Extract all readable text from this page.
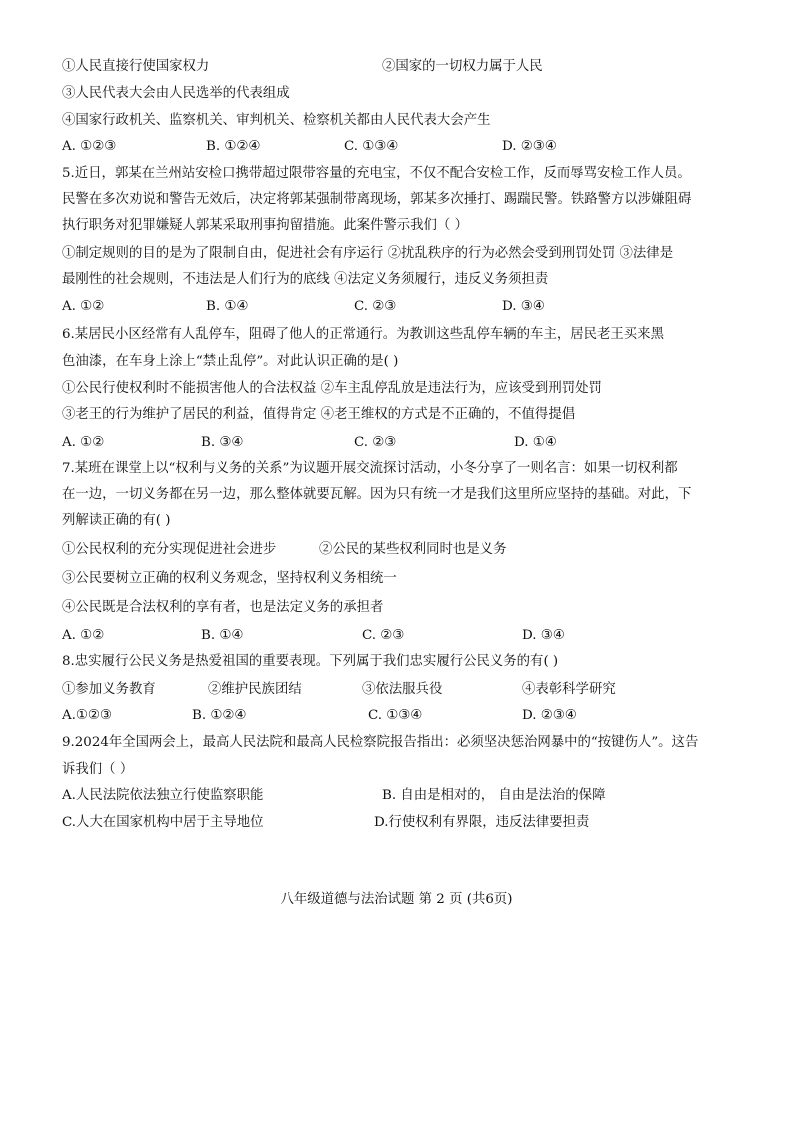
①人民直接行使国家权力	②国家的一切权力属于人民
③人民代表大会由人民选举的代表组成
④国家行政机关、监察机关、审判机关、检察机关都由人民代表大会产生
A. ①②③	B. ①②④	C. ①③④	D. ②③④
5.近日，郭某在兰州站安检口携带超过限带容量的充电宝，不仅不配合安检工作，反而辱骂安检工作人员。
民警在多次劝说和警告无效后，决定将郭某强制带离现场，郭某多次捶打、踢踹民警。铁路警方以涉嫌阻碍
执行职务对犯罪嫌疑人郭某采取刑事拘留措施。此案件警示我们（ ）
①制定规则的目的是为了限制自由，促进社会有序运行 ②扰乱秩序的行为必然会受到刑罚处罚 ③法律是
最刚性的社会规则，不违法是人们行为的底线 ④法定义务须履行，违反义务须担责
A. ①②	B. ①④	C. ②③	D. ③④
6.某居民小区经常有人乱停车，阻碍了他人的正常通行。为教训这些乱停车辆的车主，居民老王买来黑
色油漆，在车身上涂上“禁止乱停”。对此认识正确的是( )
①公民行使权利时不能损害他人的合法权益 ②车主乱停乱放是违法行为，应该受到刑罚处罚
③老王的行为维护了居民的利益，值得肯定 ④老王维权的方式是不正确的，不值得提倡
A. ①②	B. ③④	C. ②③	D. ①④
7.某班在课堂上以“权利与义务的关系”为议题开展交流探讨活动，小冬分享了一则名言：如果一切权利都
在一边，一切义务都在另一边，那么整体就要瓦解。因为只有统一才是我们这里所应坚持的基础。对此，下
列解读正确的有( )
①公民权利的充分实现促进社会进步	②公民的某些权利同时也是义务
③公民要树立正确的权利义务观念，坚持权利义务相统一
④公民既是合法权利的享有者，也是法定义务的承担者
A. ①②	B. ①④	C. ②③	D. ③④
8.忠实履行公民义务是热爱祖国的重要表现。下列属于我们忠实履行公民义务的有( )
①参加义务教育	②维护民族团结	③依法服兵役	④表彰科学研究
A.①②③	B. ①②④	C. ①③④	D. ②③④
9.2024年全国两会上，最高人民法院和最高人民检察院报告指出：必须坚决惩治网暴中的“按键伤人”。这告
诉我们（ ）
A.人民法院依法独立行使监察职能	B. 自由是相对的， 自由是法治的保障
C.人大在国家机构中居于主导地位	D.行使权利有界限，违反法律要担责
八年级道德与法治试题 第 2 页 (共6页)
